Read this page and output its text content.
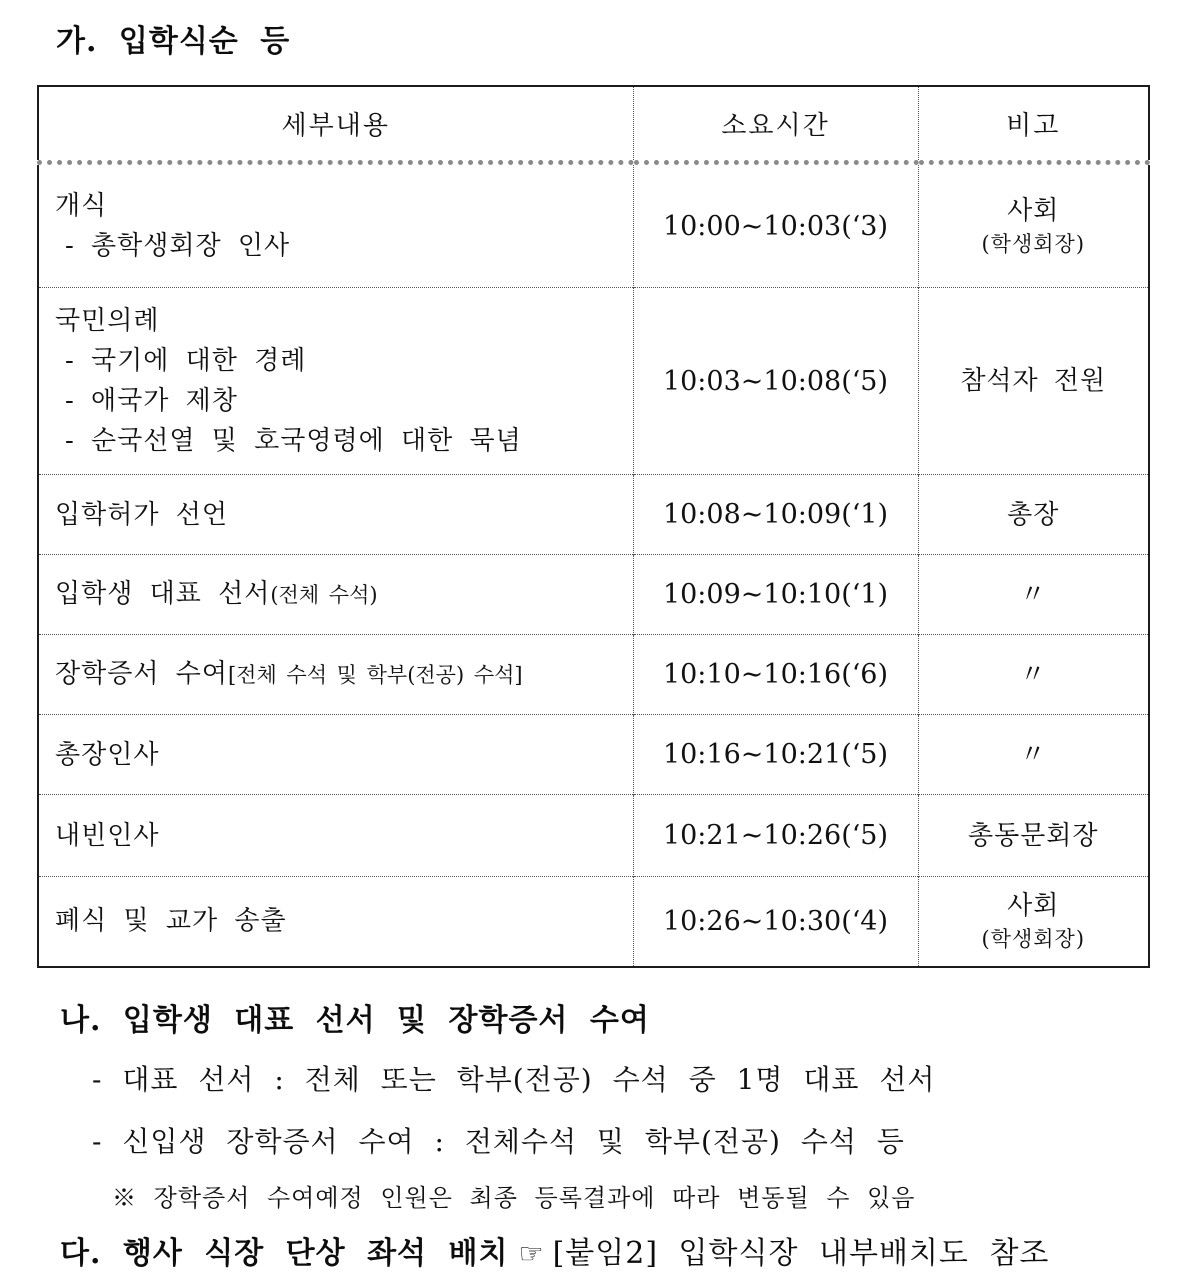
가. 입학식순 등
세부내용	소요시간	비고

개식
- 총학생회장 인사
	10:00∼10:03(‘3)	사회
(학생회장)

국민의례
- 국기에 대한 경례
- 애국가 제창
- 순국선열 및 호국영령에 대한 묵념	10:03∼10:08(‘5)	참석자 전원

입학허가 선언	10:08∼10:09(‘1)	총장

입학생 대표 선서(전체 수석)	10:09∼10:10(‘1)	〃

장학증서 수여[전체 수석 및 학부(전공) 수석]	10:10∼10:16(‘6)	〃

총장인사	10:16∼10:21(‘5)	〃

내빈인사	10:21∼10:26(‘5)	총동문회장

폐식 및 교가 송출	10:26∼10:30(‘4)	사회
(학생회장)
나. 입학생 대표 선서 및 장학증서 수여
- 대표 선서 : 전체 또는 학부(전공) 수석 중 1명 대표 선서
- 신입생 장학증서 수여 : 전체수석 및 학부(전공) 수석 등
※ 장학증서 수여예정 인원은 최종 등록결과에 따라 변동될 수 있음
다. 행사 식장 단상 좌석 배치 ☞ [붙임2] 입학식장 내부배치도 참조
